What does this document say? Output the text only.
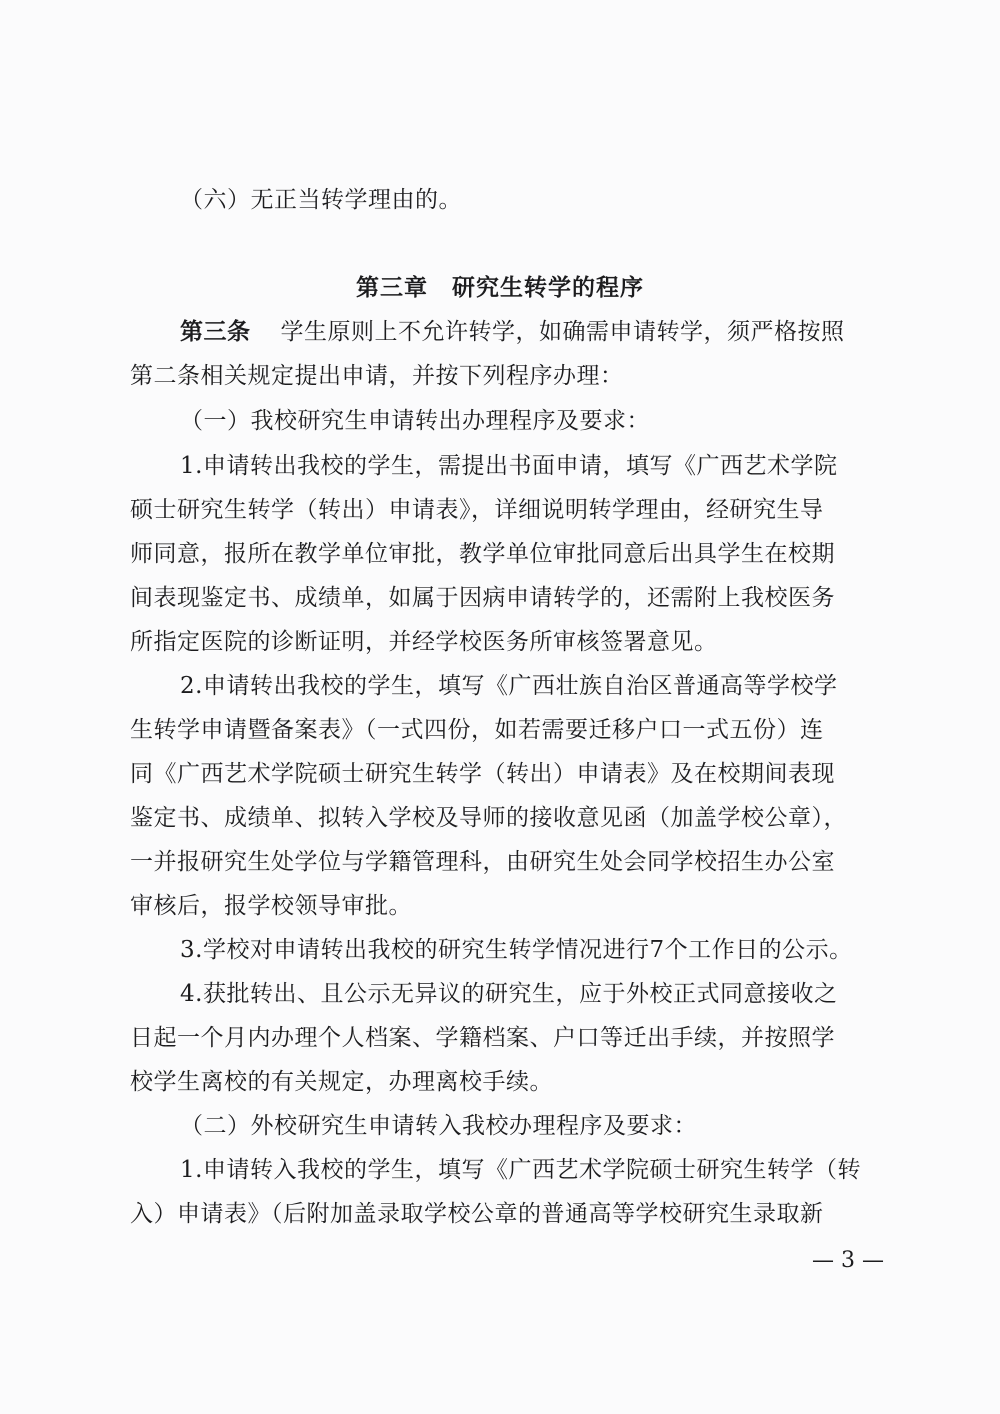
（六）无正当转学理由的。

第三章　研究生转学的程序

第三条 学生原则上不允许转学，如确需申请转学，须严格按照

第二条相关规定提出申请，并按下列程序办理：

（一）我校研究生申请转出办理程序及要求：

1.申请转出我校的学生，需提出书面申请，填写《广西艺术学院

硕士研究生转学（转出）申请表》，详细说明转学理由，经研究生导

师同意，报所在教学单位审批，教学单位审批同意后出具学生在校期

间表现鉴定书、成绩单，如属于因病申请转学的，还需附上我校医务

所指定医院的诊断证明，并经学校医务所审核签署意见。

2.申请转出我校的学生，填写《广西壮族自治区普通高等学校学

生转学申请暨备案表》（一式四份，如若需要迁移户口一式五份）连

同《广西艺术学院硕士研究生转学（转出）申请表》及在校期间表现

鉴定书、成绩单、拟转入学校及导师的接收意见函（加盖学校公章），

一并报研究生处学位与学籍管理科，由研究生处会同学校招生办公室

审核后，报学校领导审批。

3.学校对申请转出我校的研究生转学情况进行7个工作日的公示。

4.获批转出、且公示无异议的研究生，应于外校正式同意接收之

日起一个月内办理个人档案、学籍档案、户口等迁出手续，并按照学

校学生离校的有关规定，办理离校手续。

（二）外校研究生申请转入我校办理程序及要求：

1.申请转入我校的学生，填写《广西艺术学院硕士研究生转学（转

入）申请表》（后附加盖录取学校公章的普通高等学校研究生录取新

— 3 —
